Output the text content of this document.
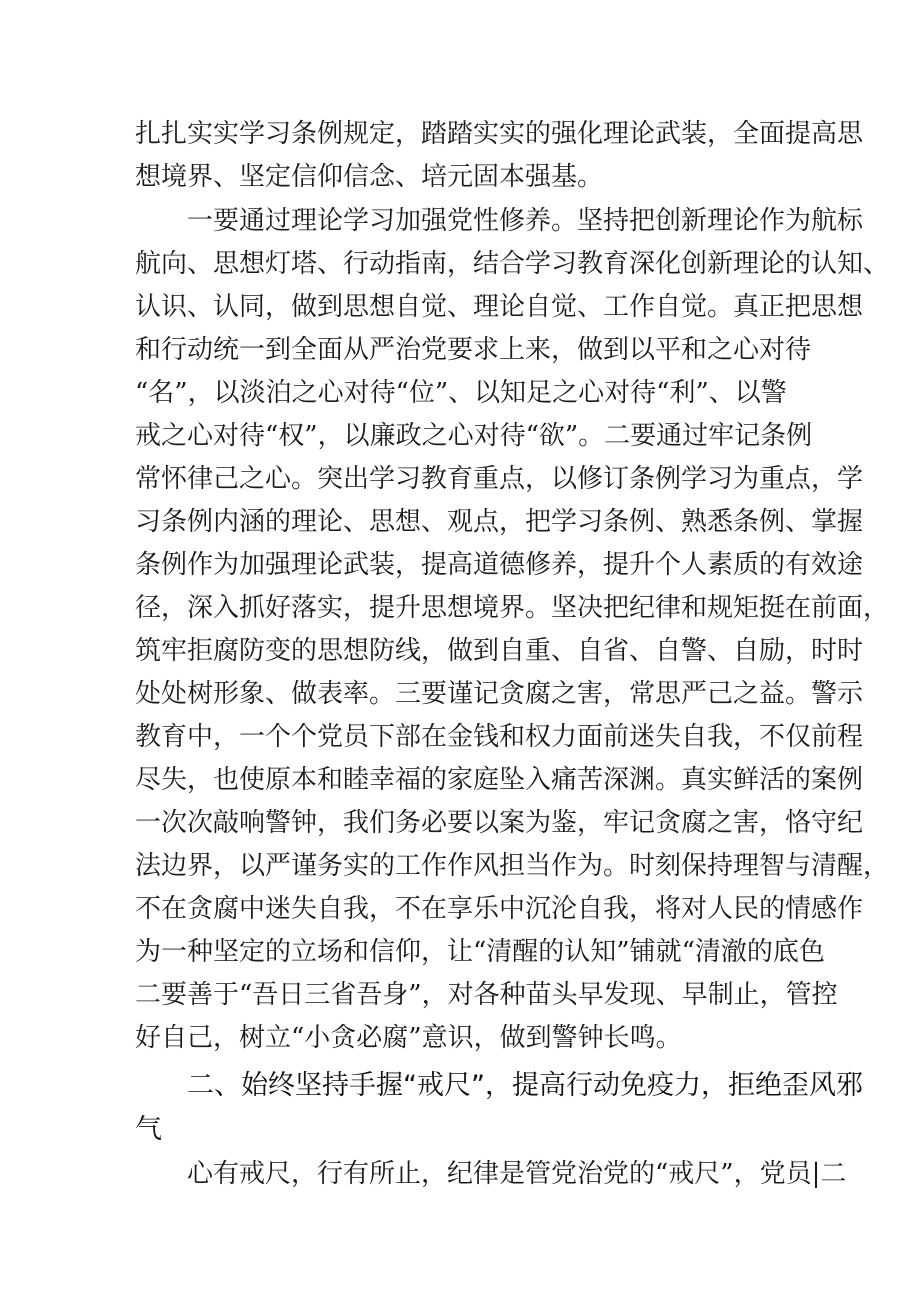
扎扎实实学习条例规定，踏踏实实的强化理论武装，全面提高思
想境界、坚定信仰信念、培元固本强基。
一要通过理论学习加强党性修养。坚持把创新理论作为航标
航向、思想灯塔、行动指南，结合学习教育深化创新理论的认知、
认识、认同，做到思想自觉、理论自觉、工作自觉。真正把思想
和行动统一到全面从严治党要求上来，做到以平和之心对待
“名”，以淡泊之心对待“位”、以知足之心对待“利”、以警
戒之心对待“权”，以廉政之心对待“欲”。二要通过牢记条例
常怀律己之心。突出学习教育重点，以修订条例学习为重点，学
习条例内涵的理论、思想、观点，把学习条例、熟悉条例、掌握
条例作为加强理论武装，提高道德修养，提升个人素质的有效途
径，深入抓好落实，提升思想境界。坚决把纪律和规矩挺在前面，
筑牢拒腐防变的思想防线，做到自重、自省、自警、自励，时时
处处树形象、做表率。三要谨记贪腐之害，常思严己之益。警示
教育中，一个个党员下部在金钱和权力面前迷失自我，不仅前程
尽失，也使原本和睦幸福的家庭坠入痛苦深渊。真实鲜活的案例
一次次敲响警钟，我们务必要以案为鉴，牢记贪腐之害，恪守纪
法边界，以严谨务实的工作作风担当作为。时刻保持理智与清醒，
不在贪腐中迷失自我，不在享乐中沉沦自我，将对人民的情感作
为一种坚定的立场和信仰，让“清醒的认知”铺就“清澈的底色
二要善于“吾日三省吾身”，对各种苗头早发现、早制止，管控
好自己，树立“小贪必腐”意识，做到警钟长鸣。
二、始终坚持手握“戒尺”，提高行动免疫力，拒绝歪风邪
气
心有戒尺，行有所止，纪律是管党治党的“戒尺”，党员|二
